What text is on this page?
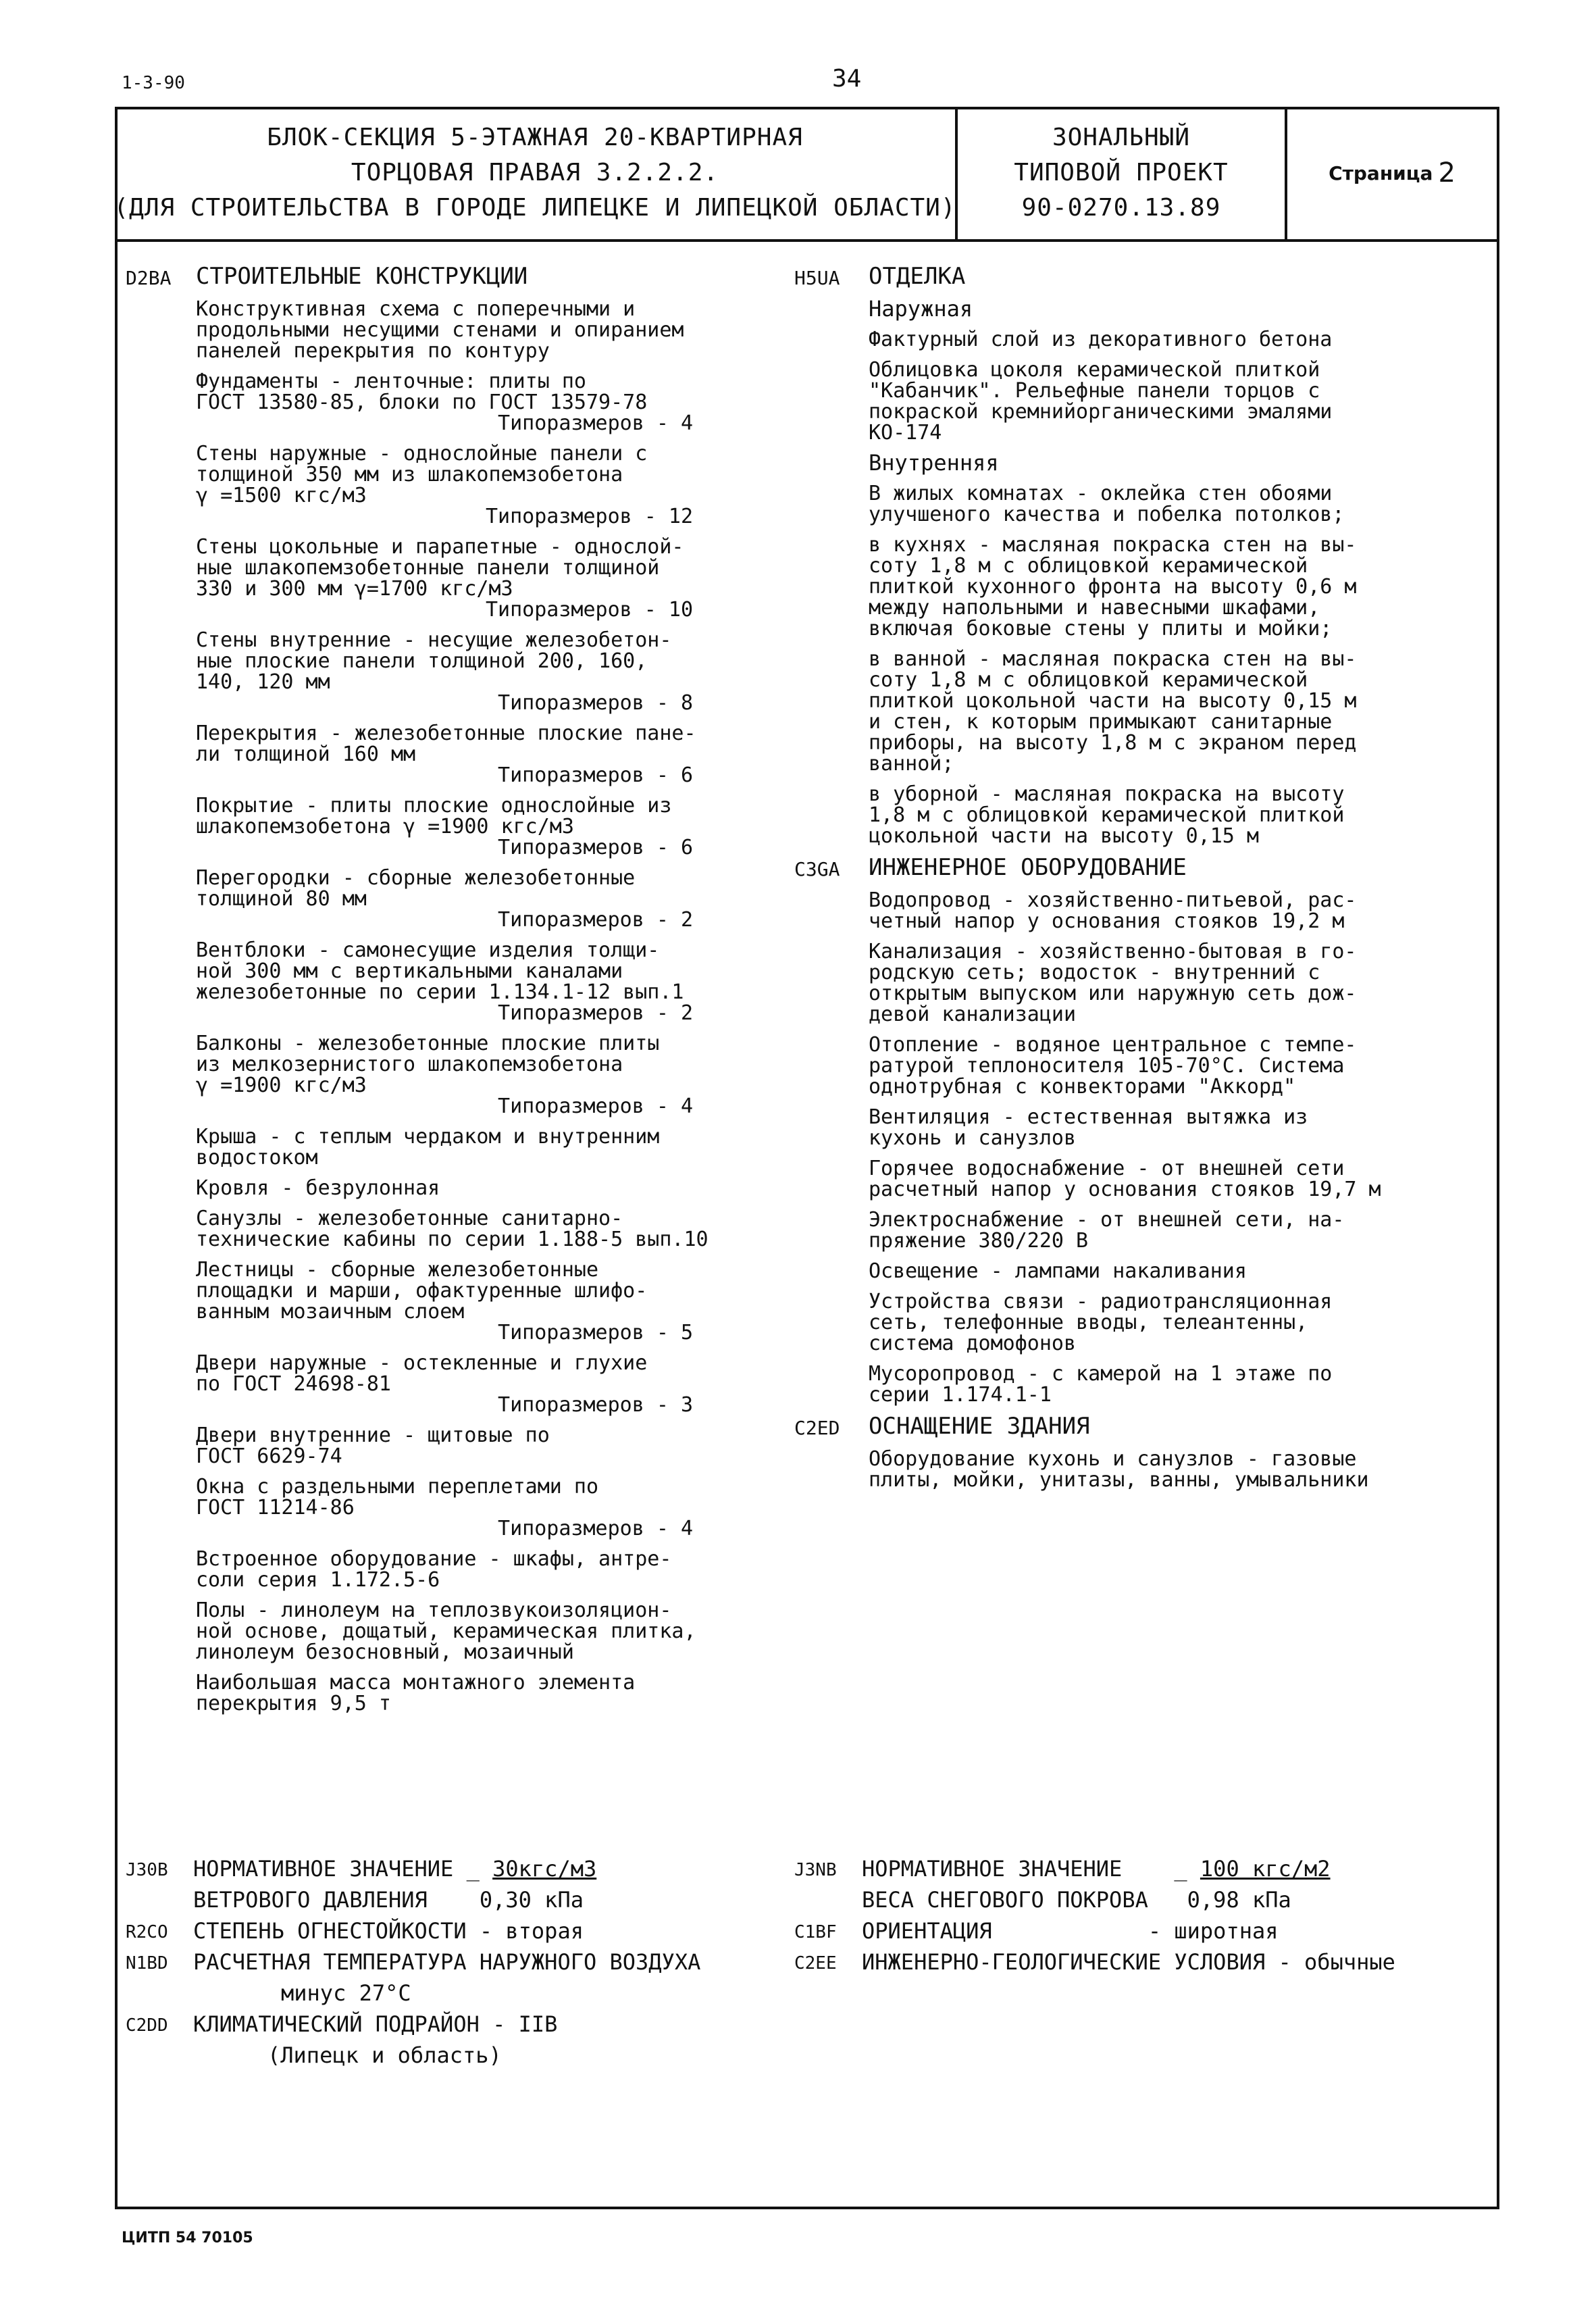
1-3-90	34
БЛОК-СЕКЦИЯ 5-ЭТАЖНАЯ 20-КВАРТИРНАЯ
ТОРЦОВАЯ ПРАВАЯ 3.2.2.2.
(ДЛЯ СТРОИТЕЛЬСТВА В ГОРОДЕ ЛИПЕЦКЕ И ЛИПЕЦКОЙ ОБЛАСТИ)
ЗОНАЛЬНЫЙ
ТИПОВОЙ ПРОЕКТ
90-0270.13.89
Страница 2
D2BA СТРОИТЕЛЬНЫЕ КОНСТРУКЦИИ
Конструктивная схема с поперечными и
продольными несущими стенами и опиранием
панелей перекрытия по контуру
Фундаменты - ленточные: плиты по
ГОСТ 13580-85, блоки по ГОСТ 13579-78
Типоразмеров - 4
Стены наружные - однослойные панели с
толщиной 350 мм из шлакопемзобетона
γ =1500 кгс/м3
Типоразмеров - 12
Стены цокольные и парапетные - однослой-
ные шлакопемзобетонные панели толщиной
330 и 300 мм γ=1700 кгс/м3
Типоразмеров - 10
Стены внутренние - несущие железобетон-
ные плоские панели толщиной 200, 160,
140, 120 мм
Типоразмеров - 8
Перекрытия - железобетонные плоские пане-
ли толщиной 160 мм
Типоразмеров - 6
Покрытие - плиты плоские однослойные из
шлакопемзобетона γ =1900 кгс/м3
Типоразмеров - 6
Перегородки - сборные железобетонные
толщиной 80 мм
Типоразмеров - 2
Вентблоки - самонесущие изделия толщи-
ной 300 мм с вертикальными каналами
железобетонные по серии 1.134.1-12 вып.1
Типоразмеров - 2
Балконы - железобетонные плоские плиты
из мелкозернистого шлакопемзобетона
γ =1900 кгс/м3
Типоразмеров - 4
Крыша - с теплым чердаком и внутренним
водостоком
Кровля - безрулонная
Санузлы - железобетонные санитарно-
технические кабины по серии 1.188-5 вып.10
Лестницы - сборные железобетонные
площадки и марши, офактуренные шлифо-
ванным мозаичным слоем
Типоразмеров - 5
Двери наружные - остекленные и глухие
по ГОСТ 24698-81
Типоразмеров - 3
Двери внутренние - щитовые по
ГОСТ 6629-74
Окна с раздельными переплетами по
ГОСТ 11214-86
Типоразмеров - 4
Встроенное оборудование - шкафы, антре-
соли серия 1.172.5-6
Полы - линолеум на теплозвукоизоляцион-
ной основе, дощатый, керамическая плитка,
линолеум безосновный, мозаичный
Наибольшая масса монтажного элемента
перекрытия 9,5 т
H5UA ОТДЕЛКА
Наружная
Фактурный слой из декоративного бетона
Облицовка цоколя керамической плиткой
"Кабанчик". Рельефные панели торцов с
покраской кремнийорганическими эмалями
КО-174
Внутренняя
В жилых комнатах - оклейка стен обоями
улучшеного качества и побелка потолков;
в кухнях - масляная покраска стен на вы-
соту 1,8 м с облицовкой керамической
плиткой кухонного фронта на высоту 0,6 м
между напольными и навесными шкафами,
включая боковые стены у плиты и мойки;
в ванной - масляная покраска стен на вы-
соту 1,8 м с облицовкой керамической
плиткой цокольной части на высоту 0,15 м
и стен, к которым примыкают санитарные
приборы, на высоту 1,8 м с экраном перед
ванной;
в уборной - масляная покраска на высоту
1,8 м с облицовкой керамической плиткой
цокольной части на высоту 0,15 м
C3GA ИНЖЕНЕРНОЕ ОБОРУДОВАНИЕ
Водопровод - хозяйственно-питьевой, рас-
четный напор у основания стояков 19,2 м
Канализация - хозяйственно-бытовая в го-
родскую сеть; водосток - внутренний с
открытым выпуском или наружную сеть дож-
девой канализации
Отопление - водяное центральное с темпе-
ратурой теплоносителя 105-70°С. Система
однотрубная с конвекторами "Аккорд"
Вентиляция - естественная вытяжка из
кухонь и санузлов
Горячее водоснабжение - от внешней сети
расчетный напор у основания стояков 19,7 м
Электроснабжение - от внешней сети, на-
пряжение 380/220 В
Освещение - лампами накаливания
Устройства связи - радиотрансляционная
сеть, телефонные вводы, телеантенны,
система домофонов
Мусоропровод - с камерой на 1 этаже по
серии 1.174.1-1
C2ED ОСНАЩЕНИЕ ЗДАНИЯ
Оборудование кухонь и санузлов - газовые
плиты, мойки, унитазы, ванны, умывальники
J30B НОРМАТИВНОЕ ЗНАЧЕНИЕ _ 30кгс/м3
ВЕТРОВОГО ДАВЛЕНИЯ 0,30 кПа
R2CO СТЕПЕНЬ ОГНЕСТОЙКОСТИ - вторая
N1BD РАСЧЕТНАЯ ТЕМПЕРАТУРА НАРУЖНОГО ВОЗДУХА
минус 27°С
C2DD КЛИМАТИЧЕСКИЙ ПОДРАЙОН - IIВ
(Липецк и область)
J3NB НОРМАТИВНОЕ ЗНАЧЕНИЕ    _ 100 кгс/м2
ВЕСА СНЕГОВОГО ПОКРОВА 0,98 кПа
C1BF ОРИЕНТАЦИЯ	- широтная
C2EE ИНЖЕНЕРНО-ГЕОЛОГИЧЕСКИЕ УСЛОВИЯ - обычные
ЦИТП 54 70105
